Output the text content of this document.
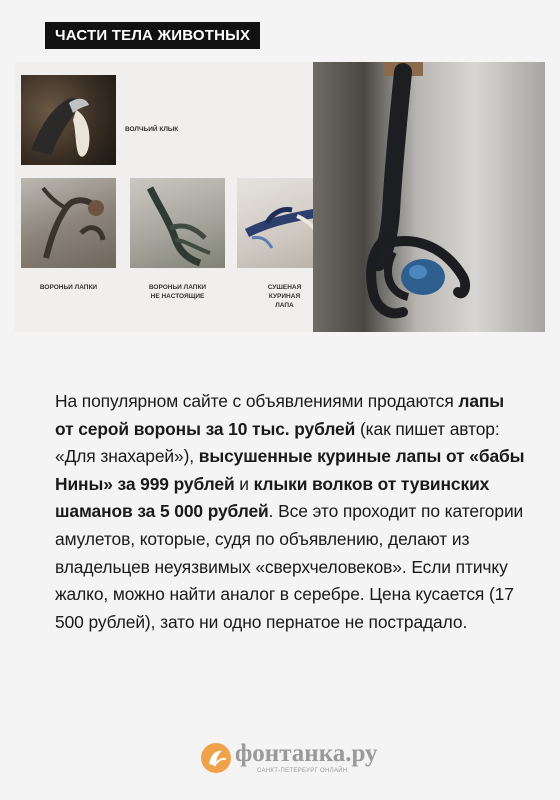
ЧАСТИ ТЕЛА ЖИВОТНЫХ
ВОЛЧЬИЙ КЛЫК
ВОРОНЬИ ЛАПКИ	ВОРОНЬИ ЛАПКИ
НЕ НАСТОЯЩИЕ
СУШЕНАЯ
КУРИНАЯ
ЛАПА
На популярном сайте с объявлениями продаются лапы от серой вороны за 10 тыс. рублей (как пишет автор: «Для знахарей»), высушенные куриные лапы от «бабы Нины» за 999 рублей и клыки волков от тувинских шаманов за 5 000 рублей. Все это проходит по категории амулетов, которые, судя по объявлению, делают из владельцев неуязвимых «сверхчеловеков». Если птичку жалко, можно найти аналог в серебре. Цена кусается (17 500 рублей), зато ни одно пернатое не пострадало.
фонтанка.ру
САНКТ-ПЕТЕРБУРГ ОНЛАЙН
